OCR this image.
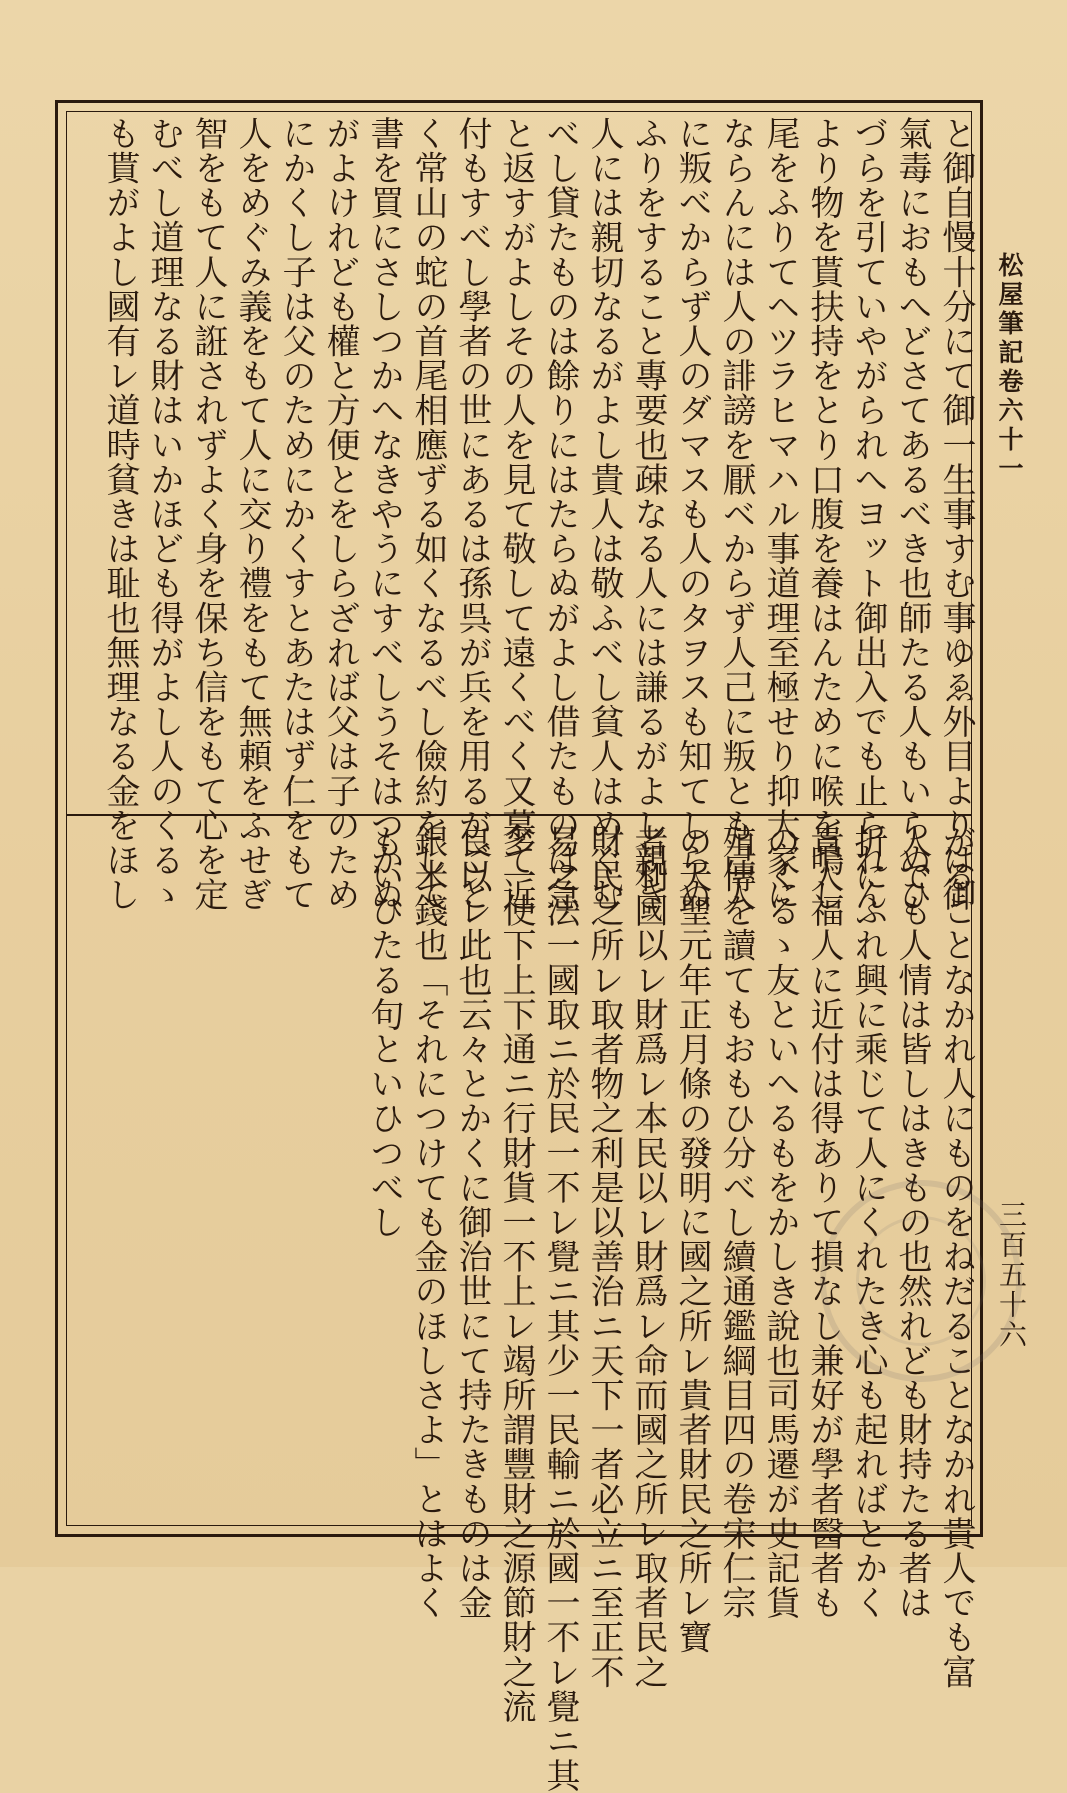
松屋筆記卷六十一
三百五十六
と御自慢十分にて御一生事すむ事ゆゑ外目よりは御
氣毒におもへどさてあるべき也師たる人もいらぬひ
づらを引ていやがられへヨット御出入でも止られん
より物を貰扶持をとり口腹を養はんために喉を鳴し
尾をふりてヘツラヒマハル事道理至極せり抑大家に
ならんには人の誹謗を厭ベからず人己に叛とも己人
に叛べからず人のダマスも人のタヲスも知てしらぬ
ふりをすること專要也疎なる人には謙るがよし親き
人には親切なるがよし貴人は敬ふべし貧人はめぐむ
べし貸たものは餘りにはたらぬがよし借たものは急
と返すがよしその人を見て敬して遠くべく又慕て近
付もすべし學者の世にあるは孫呉が兵を用るがごと
く常山の蛇の首尾相應ずる如くなるべし儉約をして
書を買にさしつかへなきやうにすべしうそはつかぬ
がよけれども權と方便とをしらざれば父は子のため
にかくし子は父のためにかくすとあたはず仁をもて
人をめぐみ義をもて人に交り禮をもて無頼をふせぎ
智をもて人に誑されずよく身を保ち信をもて心を定
むべし道理なる財はいかほども得がよし人のくるゝ
も貰がよし國有レ道時貧きは耻也無理なる金をほし
がることなかれ人にものをねだることなかれ貴人でも富
人でも人情は皆しはきもの也然れども財持たる者は
折にふれ興に乘じて人にくれたき心も起ればとかく
貴人福人に近付は得ありて損なし兼好が學者醫者も
のくるゝ友といへるもをかしき說也司馬遷が史記貨
殖傳を讀てもおもひ分べし續通鑑綱目四の卷宋仁宗
の天聖元年正月條の發明に國之所レ貴者財民之所レ寶
者利國以レ財爲レ本民以レ財爲レ命而國之所レ取者民之
財民之所レ取者物之利是以善治ニ天下一者必立ニ至正不
易之法一國取ニ於民一不レ覺ニ其少一民輸ニ於國一不レ覺ニ其
多一使下上下通ニ行財貨一不上レ竭所謂豐財之源節財之流
良以レ此也云々とかくに御治世にて持たきものは金
銀米錢也「それにつけても金のほしさよ」とはよく
もいひたる句といひつべし
